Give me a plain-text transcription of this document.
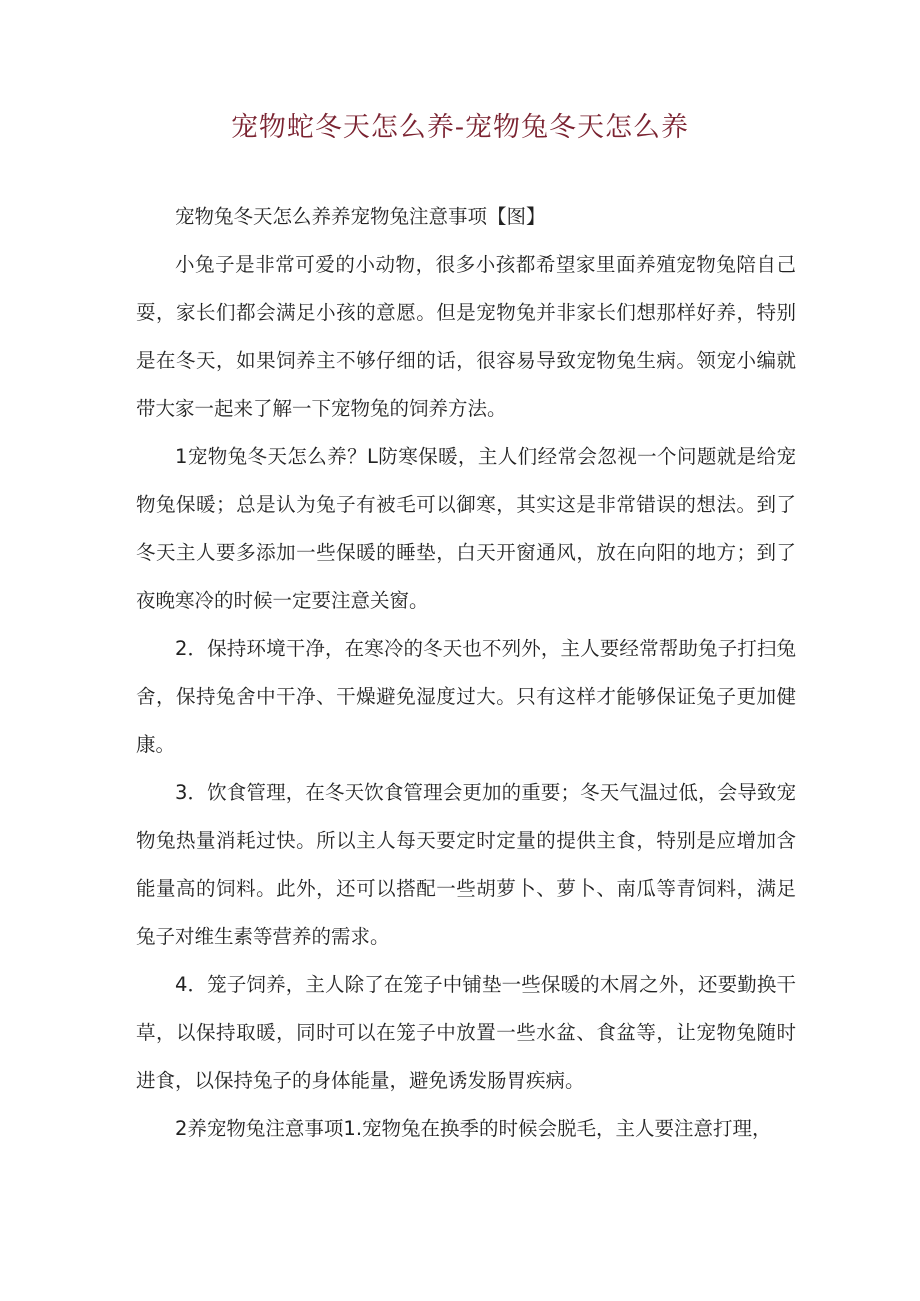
宠物蛇冬天怎么养-宠物兔冬天怎么养

宠物兔冬天怎么养养宠物兔注意事项【图】

小兔子是非常可爱的小动物，很多小孩都希望家里面养殖宠物兔陪自己耍，家长们都会满足小孩的意愿。但是宠物兔并非家长们想那样好养，特别是在冬天，如果饲养主不够仔细的话，很容易导致宠物兔生病。领宠小编就带大家一起来了解一下宠物兔的饲养方法。

1宠物兔冬天怎么养？L防寒保暖，主人们经常会忽视一个问题就是给宠物兔保暖；总是认为兔子有被毛可以御寒，其实这是非常错误的想法。到了冬天主人要多添加一些保暖的睡垫，白天开窗通风，放在向阳的地方；到了夜晚寒冷的时候一定要注意关窗。

2．保持环境干净，在寒冷的冬天也不列外，主人要经常帮助兔子打扫兔舍，保持兔舍中干净、干燥避免湿度过大。只有这样才能够保证兔子更加健康。

3．饮食管理，在冬天饮食管理会更加的重要；冬天气温过低，会导致宠物兔热量消耗过快。所以主人每天要定时定量的提供主食，特别是应增加含能量高的饲料。此外，还可以搭配一些胡萝卜、萝卜、南瓜等青饲料，满足兔子对维生素等营养的需求。

4．笼子饲养，主人除了在笼子中铺垫一些保暖的木屑之外，还要勤换干草，以保持取暖，同时可以在笼子中放置一些水盆、食盆等，让宠物兔随时进食，以保持兔子的身体能量，避免诱发肠胃疾病。

2养宠物兔注意事项1.宠物兔在换季的时候会脱毛，主人要注意打理，
